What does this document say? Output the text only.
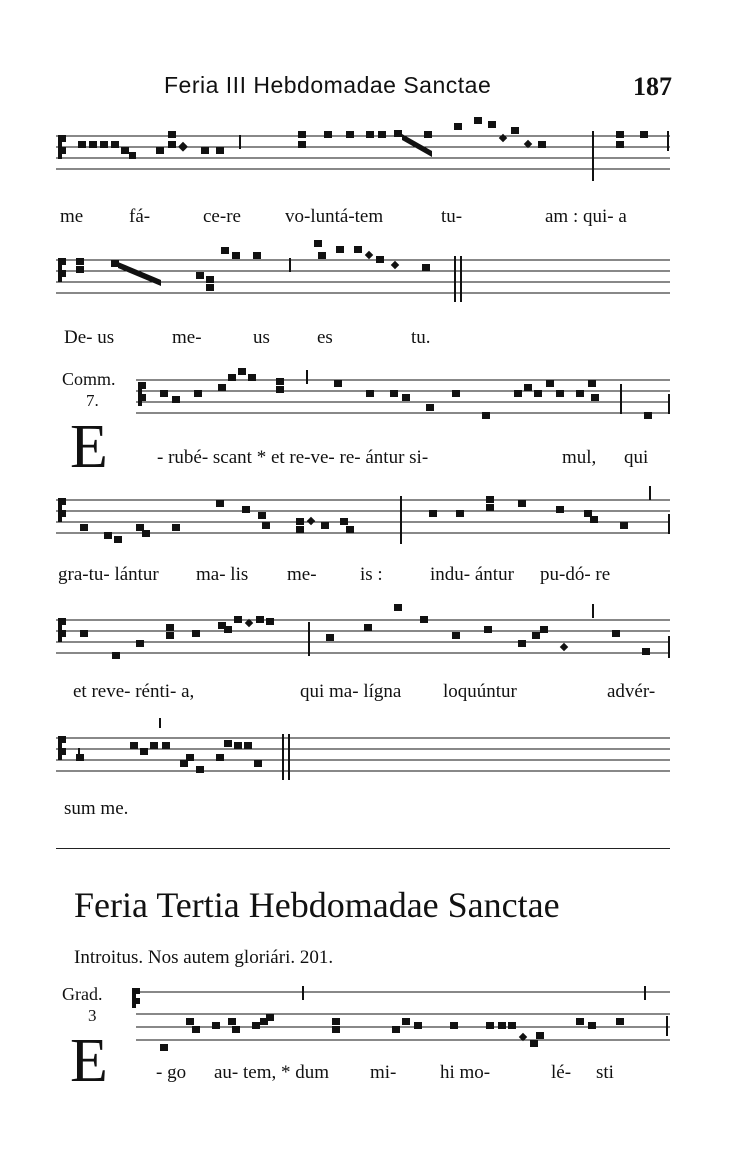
Feria III Hebdomadae Sanctae	187
me fá-	ce-re vo-luntá-tem	tu-	am : qui- a
De- us	me-	us es	tu.
Comm.
7.
E	- rubé- scant * et re-ve- re- ántur si-	mul, qui
gra-tu- lántur ma- lis me- is : indu- ántur pu-dó- re
et reve- rénti- a,	qui ma- lígna loquúntur	advér-
sum me.
Feria Tertia Hebdomadae Sanctae
Introitus. Nos autem gloriári. 201.
Grad.
3
E	- go au- tem, * dum mi- hi mo-	lé- sti
